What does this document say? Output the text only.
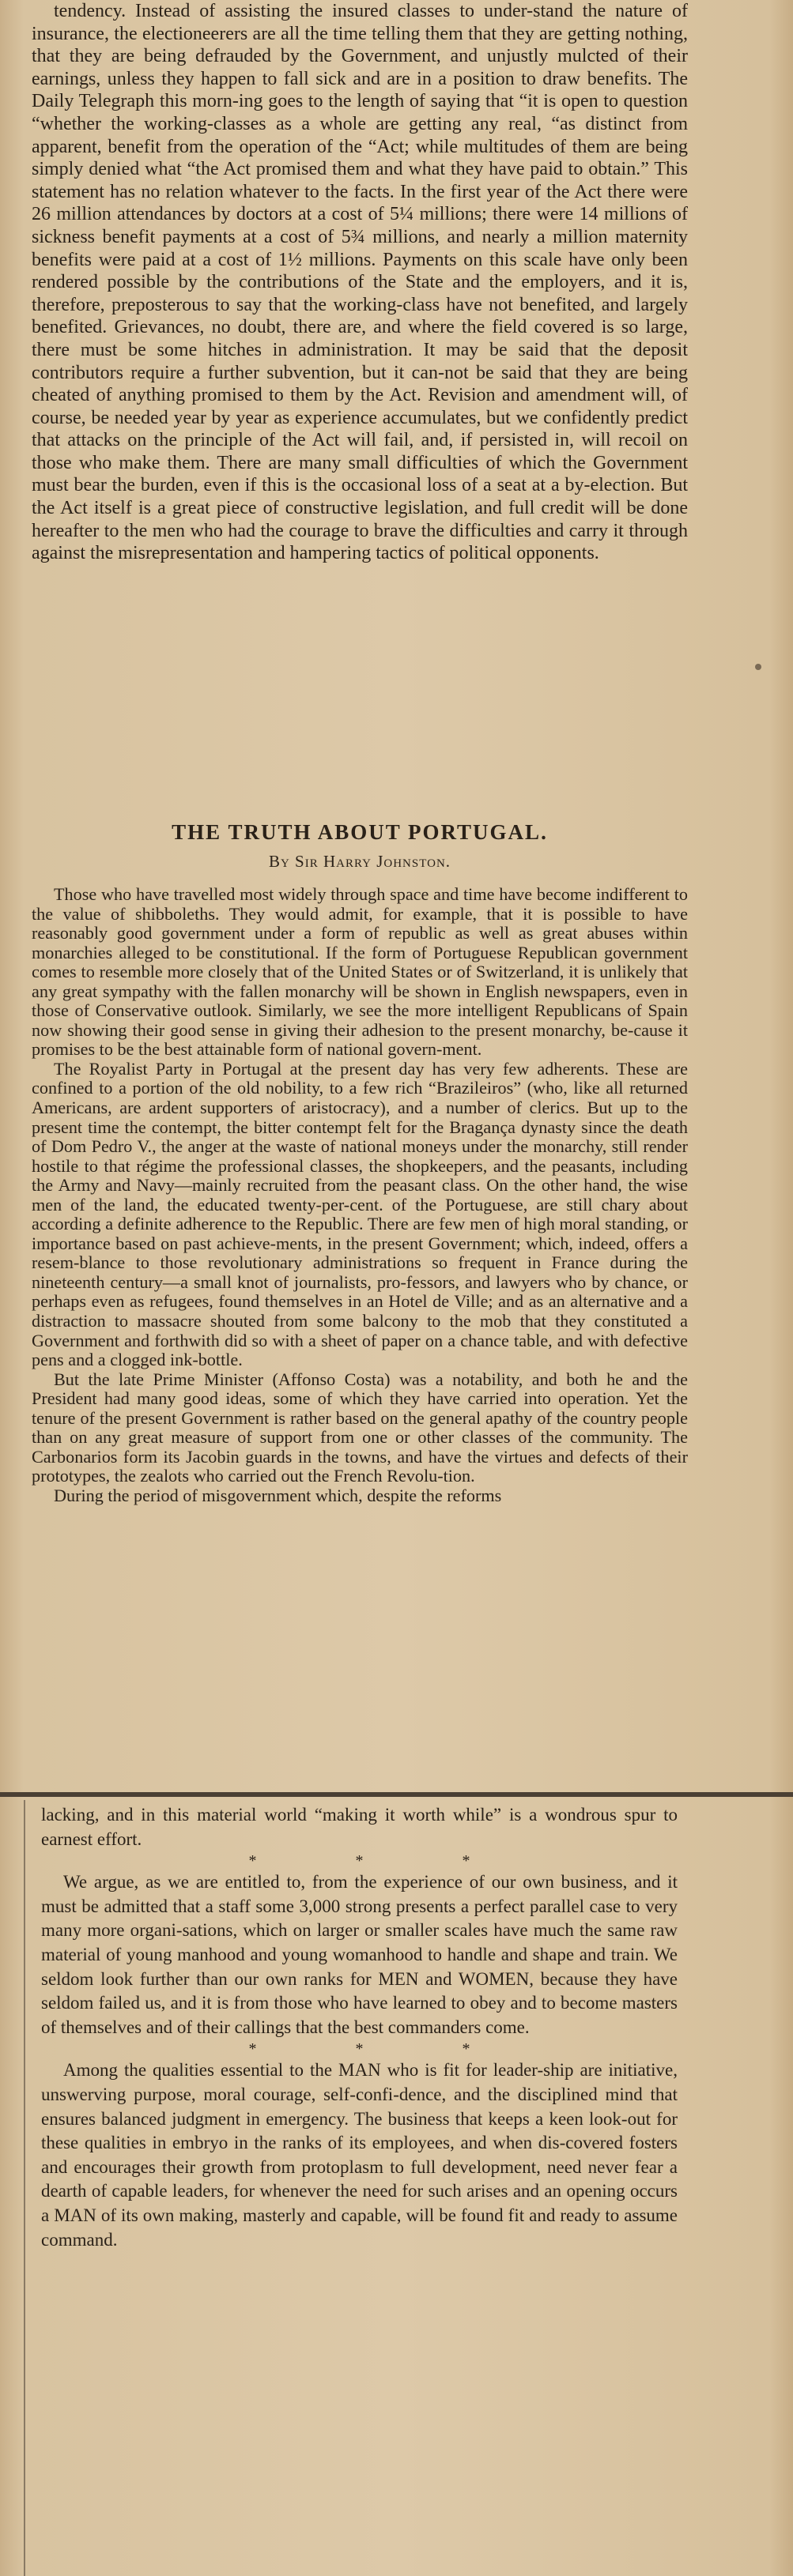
tendency. Instead of assisting the insured classes to under-stand the nature of insurance, the electioneerers are all the time telling them that they are getting nothing, that they are being defrauded by the Government, and unjustly mulcted of their earnings, unless they happen to fall sick and are in a position to draw benefits. The Daily Telegraph this morn-ing goes to the length of saying that “it is open to question “whether the working-classes as a whole are getting any real, “as distinct from apparent, benefit from the operation of the “Act; while multitudes of them are being simply denied what “the Act promised them and what they have paid to obtain.” This statement has no relation whatever to the facts. In the first year of the Act there were 26 million attendances by doctors at a cost of 5¼ millions; there were 14 millions of sickness benefit payments at a cost of 5¾ millions, and nearly a million maternity benefits were paid at a cost of 1½ millions. Payments on this scale have only been rendered possible by the contributions of the State and the employers, and it is, therefore, preposterous to say that the working-class have not benefited, and largely benefited. Grievances, no doubt, there are, and where the field covered is so large, there must be some hitches in administration. It may be said that the deposit contributors require a further subvention, but it can-not be said that they are being cheated of anything promised to them by the Act. Revision and amendment will, of course, be needed year by year as experience accumulates, but we confidently predict that attacks on the principle of the Act will fail, and, if persisted in, will recoil on those who make them. There are many small difficulties of which the Government must bear the burden, even if this is the occasional loss of a seat at a by-election. But the Act itself is a great piece of constructive legislation, and full credit will be done hereafter to the men who had the courage to brave the difficulties and carry it through against the misrepresentation and hampering tactics of political opponents.

THE TRUTH ABOUT PORTUGAL.
By Sir Harry Johnston.

Those who have travelled most widely through space and time have become indifferent to the value of shibboleths. They would admit, for example, that it is possible to have reasonably good government under a form of republic as well as great abuses within monarchies alleged to be constitutional. If the form of Portuguese Republican government comes to resemble more closely that of the United States or of Switzerland, it is unlikely that any great sympathy with the fallen monarchy will be shown in English newspapers, even in those of Conservative outlook. Similarly, we see the more intelligent Republicans of Spain now showing their good sense in giving their adhesion to the present monarchy, be-cause it promises to be the best attainable form of national govern-ment.

The Royalist Party in Portugal at the present day has very few adherents. These are confined to a portion of the old nobility, to a few rich “Brazileiros” (who, like all returned Americans, are ardent supporters of aristocracy), and a number of clerics. But up to the present time the contempt, the bitter contempt felt for the Bragança dynasty since the death of Dom Pedro V., the anger at the waste of national moneys under the monarchy, still render hostile to that régime the professional classes, the shopkeepers, and the peasants, including the Army and Navy—mainly recruited from the peasant class. On the other hand, the wise men of the land, the educated twenty-per-cent. of the Portuguese, are still chary about according a definite adherence to the Republic. There are few men of high moral standing, or importance based on past achieve-ments, in the present Government; which, indeed, offers a resem-blance to those revolutionary administrations so frequent in France during the nineteenth century—a small knot of journalists, pro-fessors, and lawyers who by chance, or perhaps even as refugees, found themselves in an Hotel de Ville; and as an alternative and a distraction to massacre shouted from some balcony to the mob that they constituted a Government and forthwith did so with a sheet of paper on a chance table, and with defective pens and a clogged ink-bottle.

But the late Prime Minister (Affonso Costa) was a notability, and both he and the President had many good ideas, some of which they have carried into operation. Yet the tenure of the present Government is rather based on the general apathy of the country people than on any great measure of support from one or other classes of the community. The Carbonarios form its Jacobin guards in the towns, and have the virtues and defects of their prototypes, the zealots who carried out the French Revolu-tion.

During the period of misgovernment which, despite the reforms

lacking, and in this material world “making it worth while” is a wondrous spur to earnest effort.

* * *

We argue, as we are entitled to, from the experience of our own business, and it must be admitted that a staff some 3,000 strong presents a perfect parallel case to very many more organi-sations, which on larger or smaller scales have much the same raw material of young manhood and young womanhood to handle and shape and train. We seldom look further than our own ranks for MEN and WOMEN, because they have seldom failed us, and it is from those who have learned to obey and to become masters of themselves and of their callings that the best commanders come.

* * *

Among the qualities essential to the MAN who is fit for leader-ship are initiative, unswerving purpose, moral courage, self-confi-dence, and the disciplined mind that ensures balanced judgment in emergency. The business that keeps a keen look-out for these qualities in embryo in the ranks of its employees, and when dis-covered fosters and encourages their growth from protoplasm to full development, need never fear a dearth of capable leaders, for whenever the need for such arises and an opening occurs a MAN of its own making, masterly and capable, will be found fit and ready to assume command.
